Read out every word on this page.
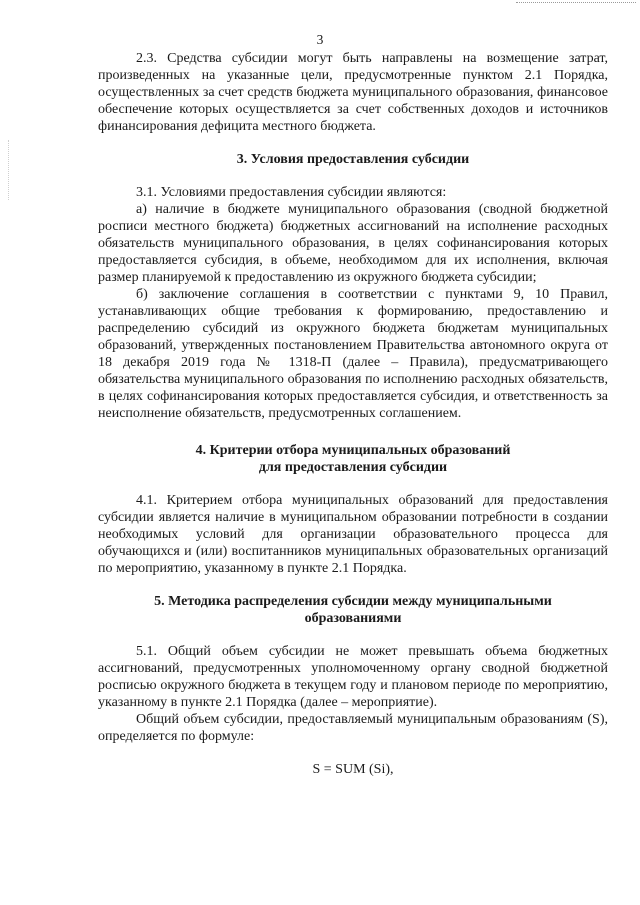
3

2.3. Средства субсидии могут быть направлены на возмещение затрат, произведенных на указанные цели, предусмотренные пунктом 2.1 Порядка, осуществленных за счет средств бюджета муниципального образования, финансовое обеспечение которых осуществляется за счет собственных доходов и источников финансирования дефицита местного бюджета.

3. Условия предоставления субсидии

3.1. Условиями предоставления субсидии являются:

а) наличие в бюджете муниципального образования (сводной бюджетной росписи местного бюджета) бюджетных ассигнований на исполнение расходных обязательств муниципального образования, в целях софинансирования которых предоставляется субсидия, в объеме, необходимом для их исполнения, включая размер планируемой к предоставлению из окружного бюджета субсидии;

б) заключение соглашения в соответствии с пунктами 9, 10 Правил, устанавливающих общие требования к формированию, предоставлению и распределению субсидий из окружного бюджета бюджетам муниципальных образований, утвержденных постановлением Правительства автономного округа от 18 декабря 2019 года № 1318-П (далее – Правила), предусматривающего обязательства муниципального образования по исполнению расходных обязательств, в целях софинансирования которых предоставляется субсидия, и ответственность за неисполнение обязательств, предусмотренных соглашением.

4. Критерии отбора муниципальных образований

для предоставления субсидии

4.1. Критерием отбора муниципальных образований для предоставления субсидии является наличие в муниципальном образовании потребности в создании необходимых условий для организации образовательного процесса для обучающихся и (или) воспитанников муниципальных образовательных организаций по мероприятию, указанному в пункте 2.1 Порядка.

5. Методика распределения субсидии между муниципальными

образованиями

5.1. Общий объем субсидии не может превышать объема бюджетных ассигнований, предусмотренных уполномоченному органу сводной бюджетной росписью окружного бюджета в текущем году и плановом периоде по мероприятию, указанному в пункте 2.1 Порядка (далее – мероприятие).

Общий объем субсидии, предоставляемый муниципальным образованиям (S), определяется по формуле:

S = SUM (Si),
